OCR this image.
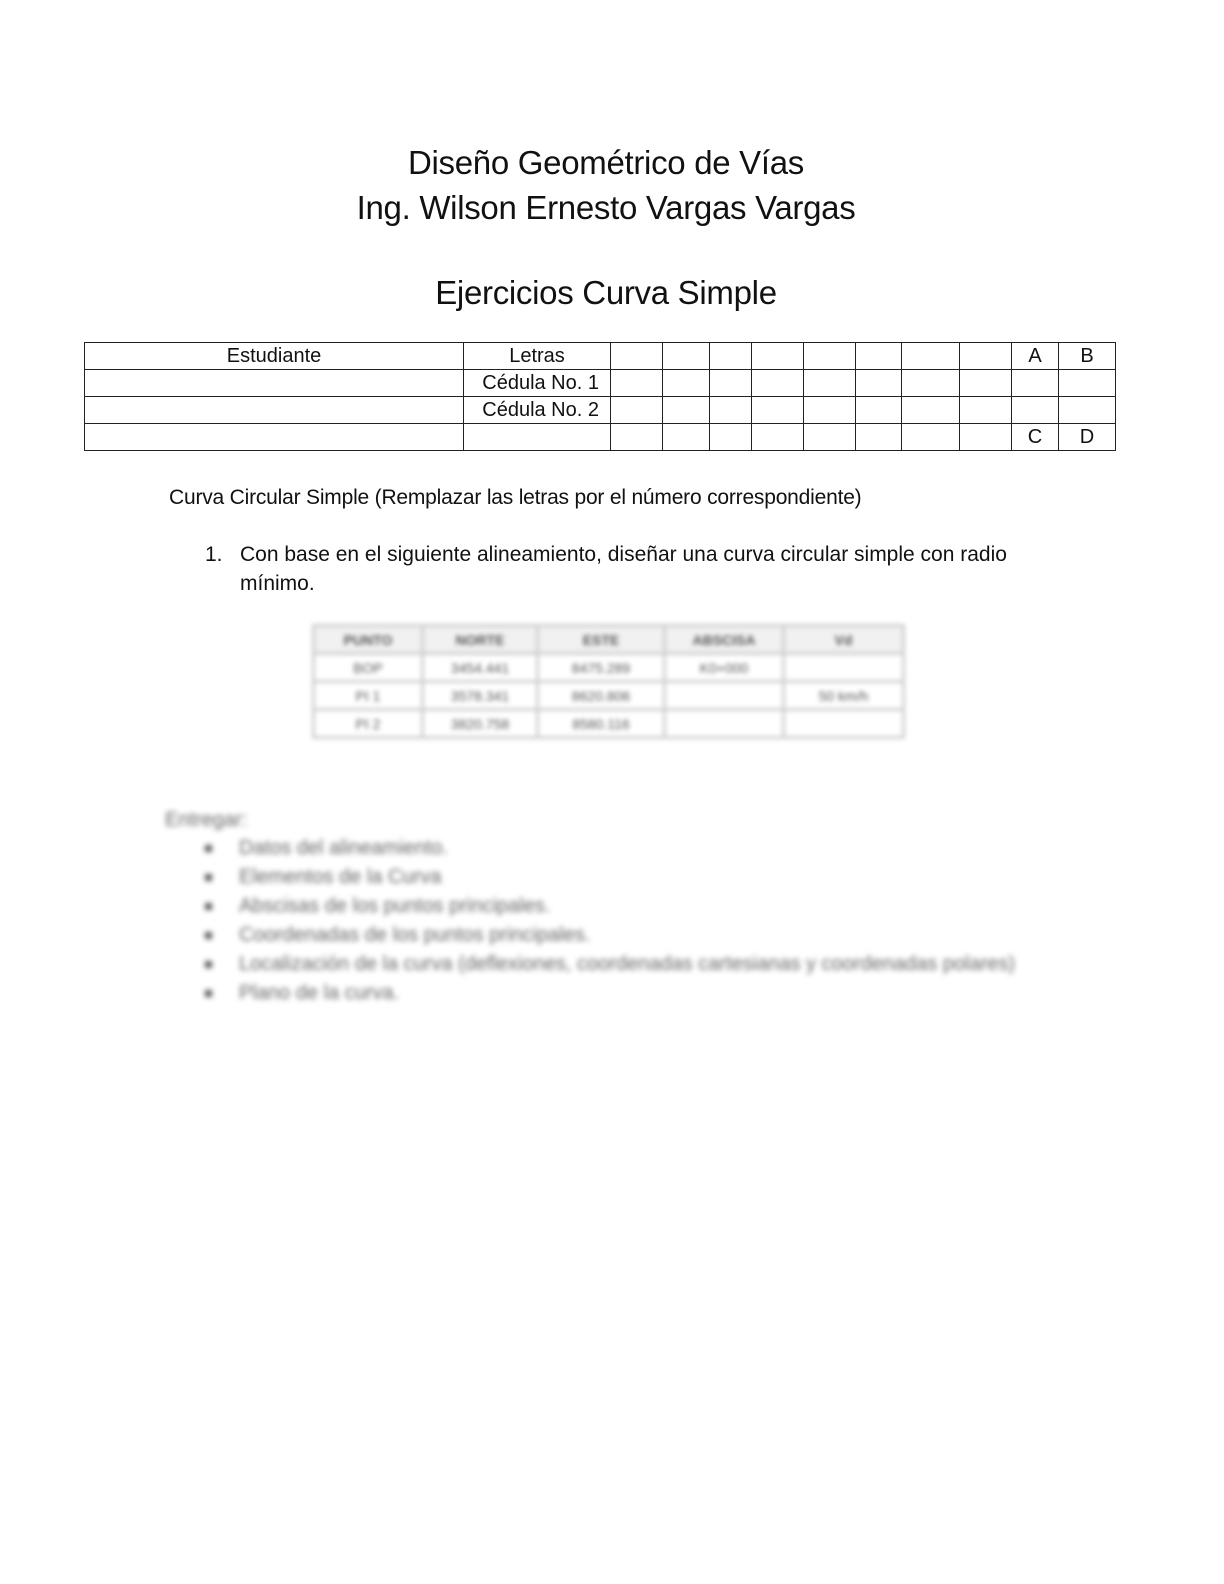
Diseño Geométrico de Vías
Ing. Wilson Ernesto Vargas Vargas
Ejercicios Curva Simple
Estudiante	Letras									A	B
	Cédula No. 1										
	Cédula No. 2										
										C	D
Curva Circular Simple (Remplazar las letras por el número correspondiente)
1. Con base en el siguiente alineamiento, diseñar una curva circular simple con radio mínimo.
PUNTO	NORTE	ESTE	ABSCISA	Vd
BOP	3454.441	8475.289	K0+000	
PI 1	3578.341	8620.806		50 km/h
PI 2	3820.758	8580.116		
Entregar:
Datos del alineamiento.
Elementos de la Curva
Abscisas de los puntos principales.
Coordenadas de los puntos principales.
Localización de la curva (deflexiones, coordenadas cartesianas y coordenadas polares)
Plano de la curva.
